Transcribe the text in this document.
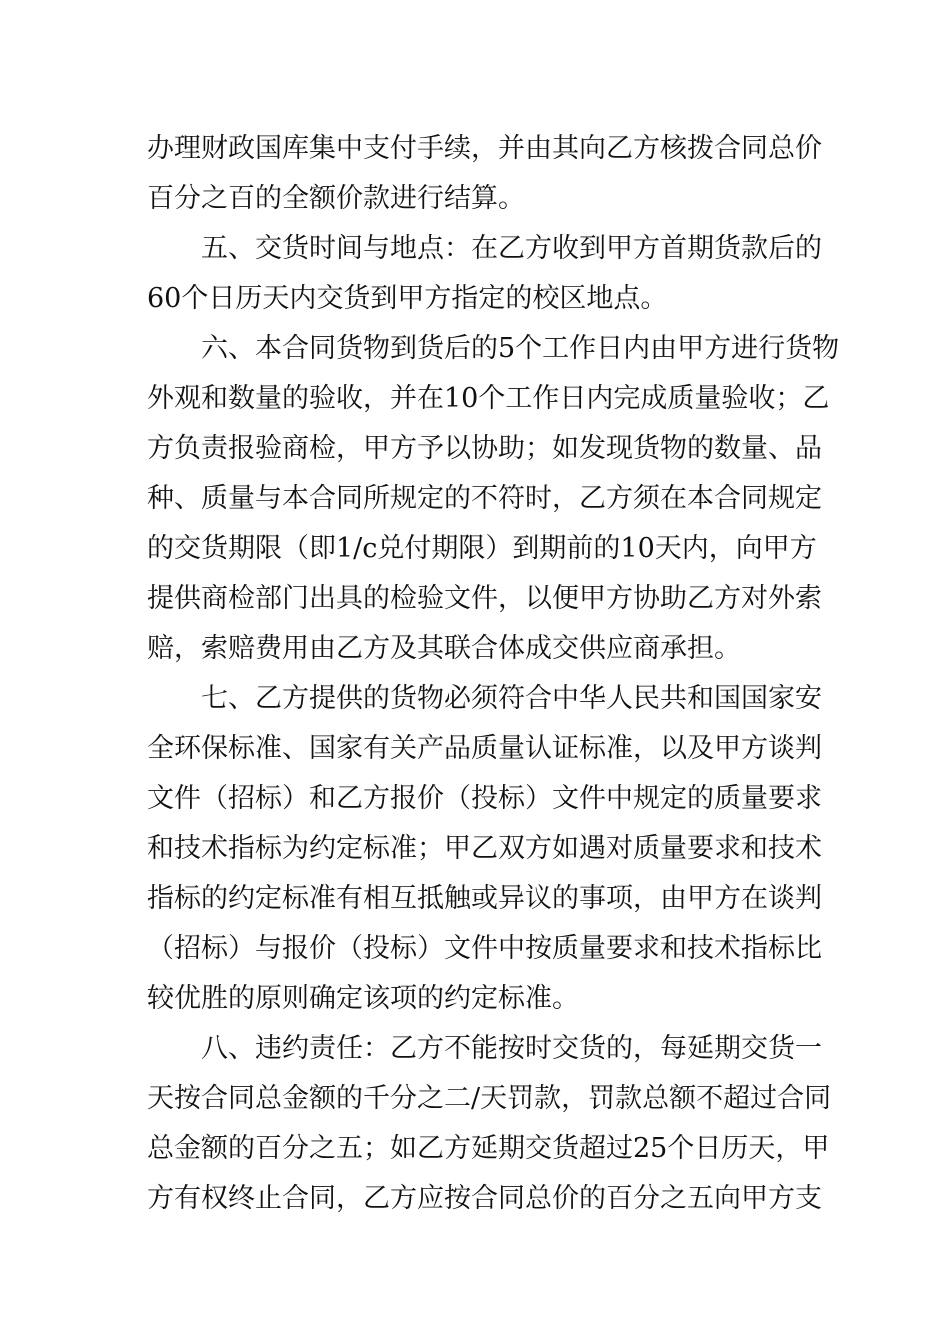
办理财政国库集中支付手续，并由其向乙方核拨合同总价
百分之百的全额价款进行结算。
五、交货时间与地点：在乙方收到甲方首期货款后的
60个日历天内交货到甲方指定的校区地点。
六、本合同货物到货后的5个工作日内由甲方进行货物
外观和数量的验收，并在10个工作日内完成质量验收；乙
方负责报验商检，甲方予以协助；如发现货物的数量、品
种、质量与本合同所规定的不符时，乙方须在本合同规定
的交货期限（即1/c兑付期限）到期前的10天内，向甲方
提供商检部门出具的检验文件，以便甲方协助乙方对外索
赔，索赔费用由乙方及其联合体成交供应商承担。
七、乙方提供的货物必须符合中华人民共和国国家安
全环保标准、国家有关产品质量认证标准，以及甲方谈判
文件（招标）和乙方报价（投标）文件中规定的质量要求
和技术指标为约定标准；甲乙双方如遇对质量要求和技术
指标的约定标准有相互抵触或异议的事项，由甲方在谈判
（招标）与报价（投标）文件中按质量要求和技术指标比
较优胜的原则确定该项的约定标准。
八、违约责任：乙方不能按时交货的，每延期交货一
天按合同总金额的千分之二/天罚款，罚款总额不超过合同
总金额的百分之五；如乙方延期交货超过25个日历天，甲
方有权终止合同，乙方应按合同总价的百分之五向甲方支
